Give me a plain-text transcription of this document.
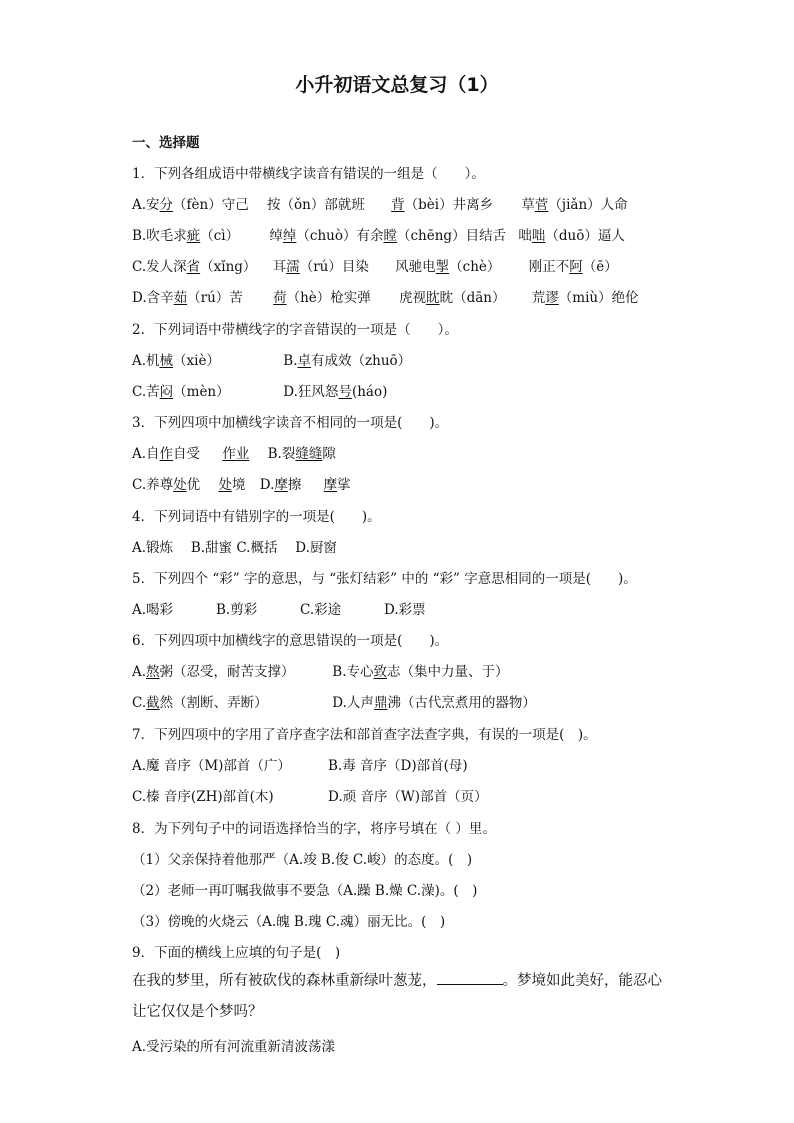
小升初语文总复习（1）
一、选择题
1．下列各组成语中带横线字读音有错误的一组是（　　）。
A.安分（fèn）守己 按（ǒn）部就班 背（bèi）井离乡 草菅（jiǎn）人命
B.吹毛求疵（cì） 绰绰（chuò）有余瞠（chēng）目结舌 咄咄（duō）逼人
C.发人深省（xǐng） 耳濡（rú）目染 风驰电掣（chè） 刚正不阿（ē）
D.含辛茹（rú）苦 荷（hè）枪实弹 虎视眈眈（dān） 荒谬（miù）绝伦
2．下列词语中带横线字的字音错误的一项是（　　）。
A.机械（xiè）	B.卓有成效（zhuō）
C.苦闷（mèn）	D.狂风怒号(háo)
3．下列四项中加横线字读音不相同的一项是(　　)。
A.自作自受 作业 B.裂缝缝隙
C.养尊处优 处境 D.摩擦 摩挲
4．下列词语中有错别字的一项是(　　)。
A.锻炼　 B.甜蜜 C.概括　 D.厨窗
5．下列四个 “彩” 字的意思，与 “张灯结彩” 中的 “彩” 字意思相同的一项是(　　)。
A.喝彩	B.剪彩	C.彩途	D.彩票
6．下列四项中加横线字的意思错误的一项是(　　)。
A.熬粥（忍受，耐苦支撑）	B.专心致志（集中力量、于）
C.截然（割断、弄断）	D.人声鼎沸（古代烹煮用的器物）
7．下列四项中的字用了音序查字法和部首查字法查字典，有误的一项是(　)。
A.魔 音序（M)部首（广）	B.毒 音序（D)部首(母)
C.榛 音序(ZH)部首(木)	D.顽 音序（W)部首（页）
8．为下列句子中的词语选择恰当的字，将序号填在（ ）里。
（1）父亲保持着他那严（A.竣 B.俊 C.峻）的态度。(　)
（2）老师一再叮嘱我做事不要急（A.躁 B.燥 C.澡)。(　)
（3）傍晚的火烧云（A.魄 B.瑰 C.魂）丽无比。(　)
9．下面的横线上应填的句子是(　)
在我的梦里，所有被砍伐的森林重新绿叶葱茏，	。梦境如此美好，能忍心让它仅仅是个梦吗？
A.受污染的所有河流重新清波荡漾
